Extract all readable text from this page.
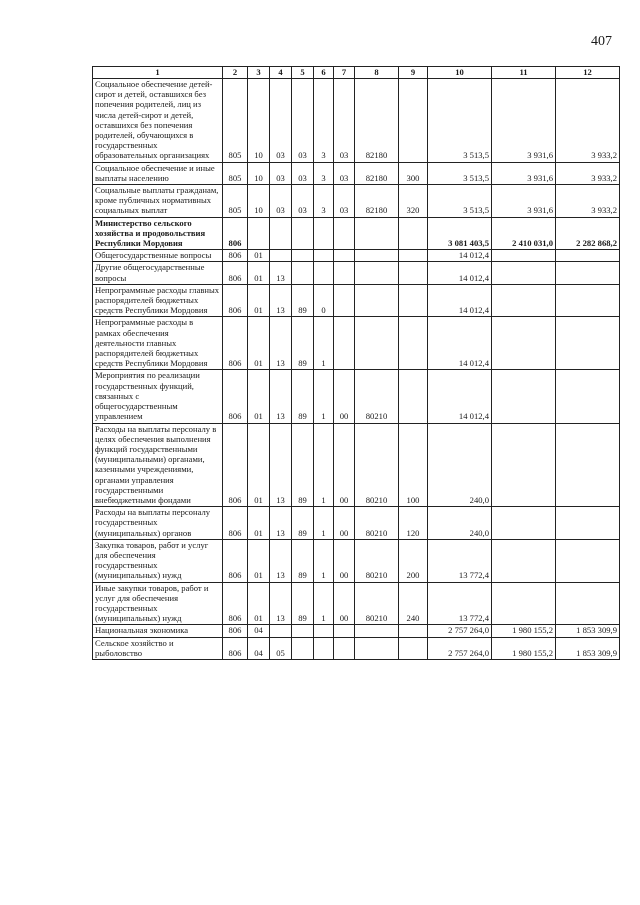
407
1	2	3	4	5	6	7	8	9	10	11	12
Социальное обеспечение детей-сирот и детей, оставшихся без попечения родителей, лиц из числа детей-сирот и детей, оставшихся без попечения родителей, обучающихся в государственных образовательных организациях	805	10	03	03	3	03	82180		3 513,5	3 931,6	3 933,2
Социальное обеспечение и иные выплаты населению	805	10	03	03	3	03	82180	300	3 513,5	3 931,6	3 933,2
Социальные выплаты гражданам, кроме публичных нормативных социальных выплат	805	10	03	03	3	03	82180	320	3 513,5	3 931,6	3 933,2
Министерство сельского хозяйства и продовольствия Республики Мордовия	806								3 081 403,5	2 410 031,0	2 282 868,2
Общегосударственные вопросы	806	01							14 012,4		
Другие общегосударственные вопросы	806	01	13						14 012,4		
Непрограммные расходы главных распорядителей бюджетных средств Республики Мордовия	806	01	13	89	0				14 012,4		
Непрограммные расходы в рамках обеспечения деятельности главных распорядителей бюджетных средств Республики Мордовия	806	01	13	89	1				14 012,4		
Мероприятия по реализации государственных функций, связанных с общегосударственным управлением	806	01	13	89	1	00	80210		14 012,4		
Расходы на выплаты персоналу в целях обеспечения выполнения функций государственными (муниципальными) органами, казенными учреждениями, органами управления государственными внебюджетными фондами	806	01	13	89	1	00	80210	100	240,0		
Расходы на выплаты персоналу государственных (муниципальных) органов	806	01	13	89	1	00	80210	120	240,0		
Закупка товаров, работ и услуг для обеспечения государственных (муниципальных) нужд	806	01	13	89	1	00	80210	200	13 772,4		
Иные закупки товаров, работ и услуг для обеспечения государственных (муниципальных) нужд	806	01	13	89	1	00	80210	240	13 772,4		
Национальная экономика	806	04							2 757 264,0	1 980 155,2	1 853 309,9
Сельское хозяйство и рыболовство	806	04	05						2 757 264,0	1 980 155,2	1 853 309,9
